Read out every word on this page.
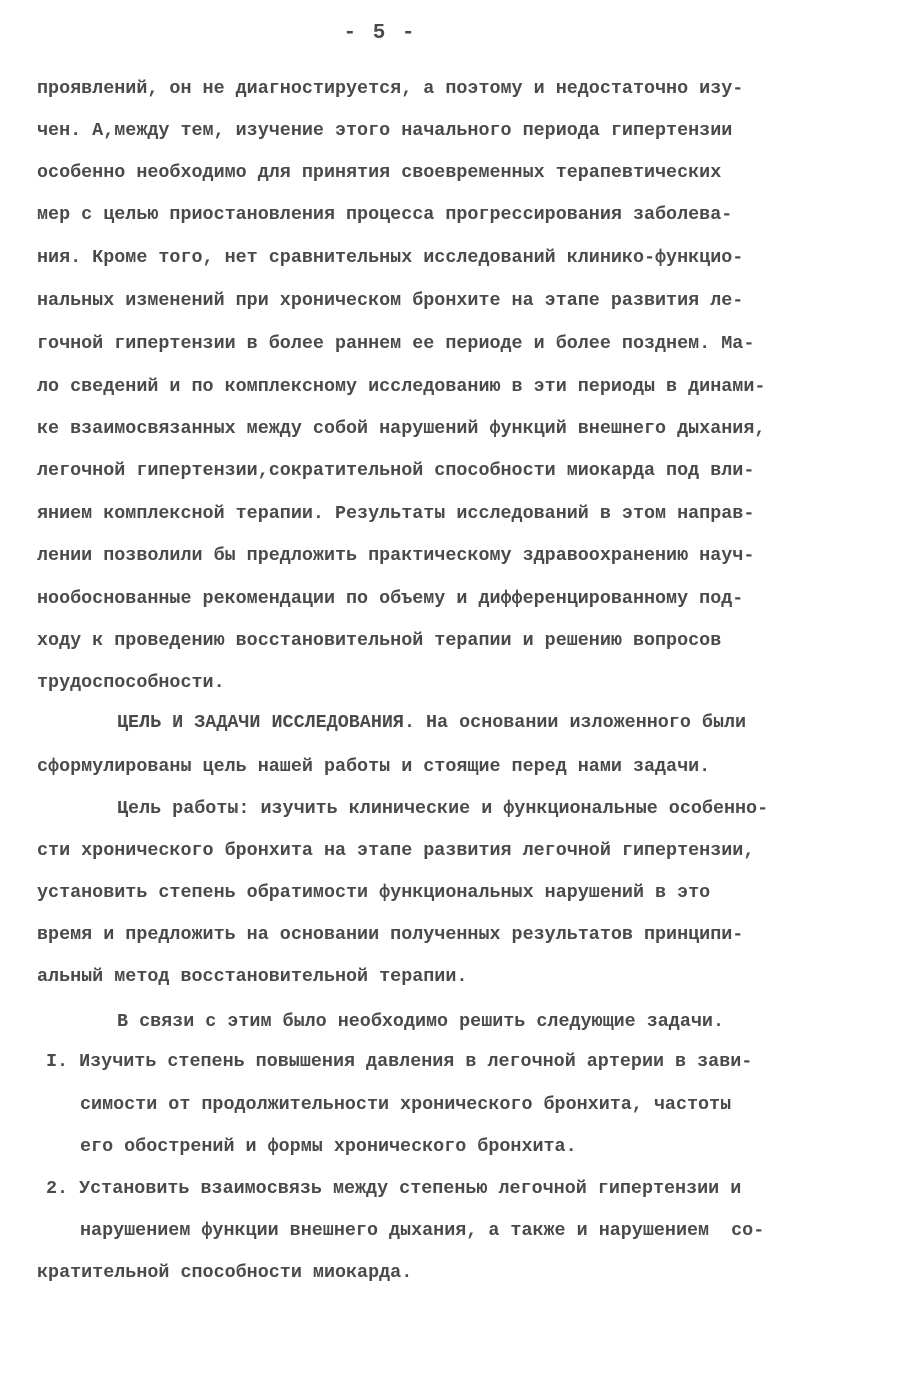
- 5 -
проявлений, он не диагностируется, а поэтому и недостаточно изу-
чен. А,между тем, изучение этого начального периода гипертензии
особенно необходимо для принятия своевременных терапевтических
мер с целью приостановления процесса прогрессирования заболева-
ния. Кроме того, нет сравнительных исследований клинико-функцио-
нальных изменений при хроническом бронхите на этапе развития ле-
гочной гипертензии в более раннем ее периоде и более позднем. Ма-
ло сведений и по комплексному исследованию в эти периоды в динами-
ке взаимосвязанных между собой нарушений функций внешнего дыхания,
легочной гипертензии,сократительной способности миокарда под вли-
янием комплексной терапии. Результаты исследований в этом направ-
лении позволили бы предложить практическому здравоохранению науч-
нообоснованные рекомендации по объему и дифференцированному под-
ходу к проведению восстановительной терапии и решению вопросов
трудоспособности.
ЦЕЛЬ И ЗАДАЧИ ИССЛЕДОВАНИЯ. На основании изложенного были
сформулированы цель нашей работы и стоящие перед нами задачи.
Цель работы: изучить клинические и функциональные особенно-
сти хронического бронхита на этапе развития легочной гипертензии,
установить степень обратимости функциональных нарушений в это
время и предложить на основании полученных результатов принципи-
альный метод восстановительной терапии.
В связи с этим было необходимо решить следующие задачи.
I. Изучить степень повышения давления в легочной артерии в зави-
симости от продолжительности хронического бронхита, частоты
его обострений и формы хронического бронхита.
2. Установить взаимосвязь между степенью легочной гипертензии и
нарушением функции внешнего дыхания, а также и нарушением  со-
кратительной способности миокарда.
